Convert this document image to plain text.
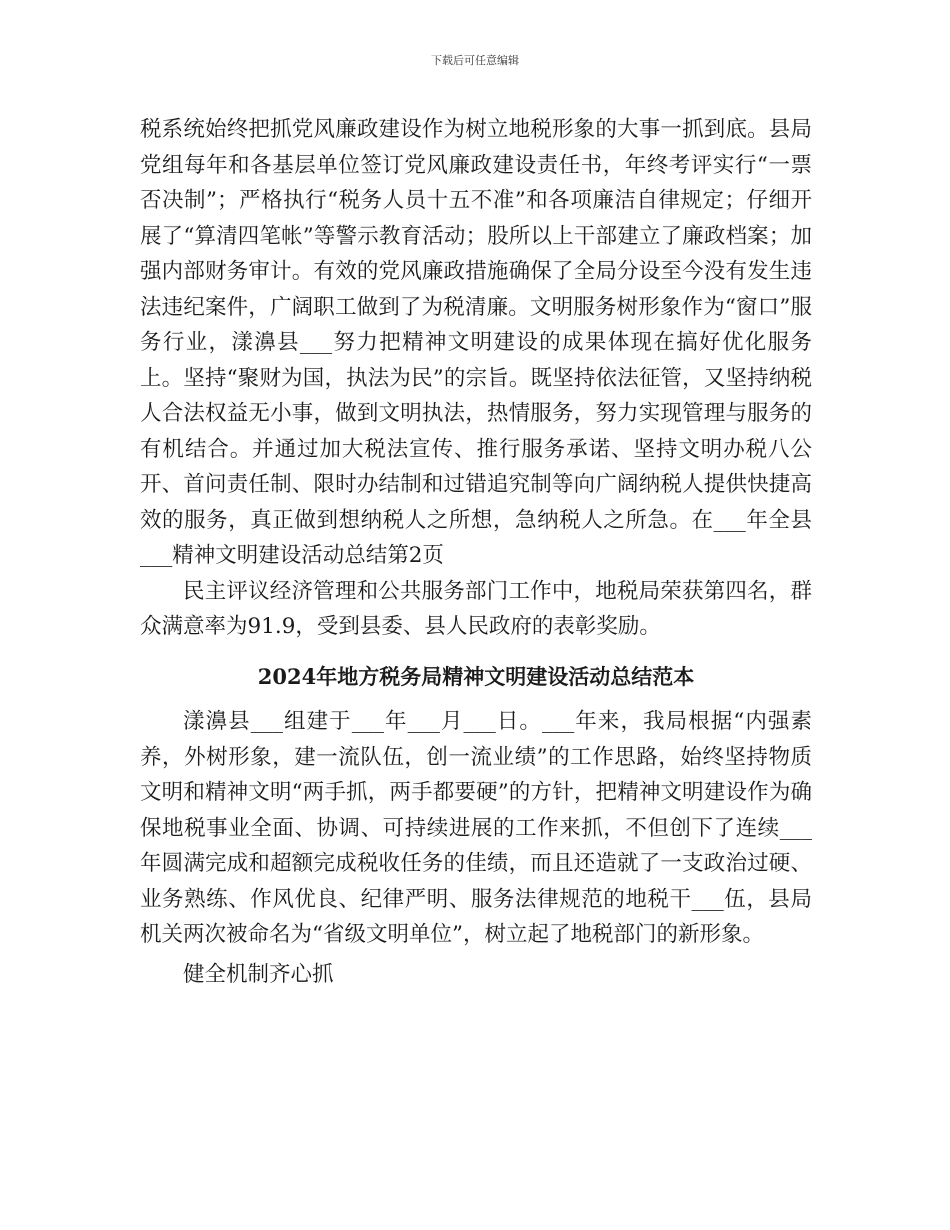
下载后可任意编辑

税系统始终把抓党风廉政建设作为树立地税形象的大事一抓到底。县局党组每年和各基层单位签订党风廉政建设责任书，年终考评实行“一票否决制”；严格执行“税务人员十五不准”和各项廉洁自律规定；仔细开展了“算清四笔帐”等警示教育活动；股所以上干部建立了廉政档案；加强内部财务审计。有效的党风廉政措施确保了全局分设至今没有发生违法违纪案件，广阔职工做到了为税清廉。文明服务树形象作为“窗口”服务行业，漾濞县___努力把精神文明建设的成果体现在搞好优化服务上。坚持“聚财为国，执法为民”的宗旨。既坚持依法征管，又坚持纳税人合法权益无小事，做到文明执法，热情服务，努力实现管理与服务的有机结合。并通过加大税法宣传、推行服务承诺、坚持文明办税八公开、首问责任制、限时办结制和过错追究制等向广阔纳税人提供快捷高效的服务，真正做到想纳税人之所想，急纳税人之所急。在___年全县___精神文明建设活动总结第2页

民主评议经济管理和公共服务部门工作中，地税局荣获第四名，群众满意率为91.9，受到县委、县人民政府的表彰奖励。

2024年地方税务局精神文明建设活动总结范本

漾濞县___组建于___年___月___日。___年来，我局根据“内强素养，外树形象，建一流队伍，创一流业绩”的工作思路，始终坚持物质文明和精神文明“两手抓，两手都要硬”的方针，把精神文明建设作为确保地税事业全面、协调、可持续进展的工作来抓，不但创下了连续___年圆满完成和超额完成税收任务的佳绩，而且还造就了一支政治过硬、业务熟练、作风优良、纪律严明、服务法律规范的地税干___伍，县局机关两次被命名为“省级文明单位”，树立起了地税部门的新形象。

健全机制齐心抓
